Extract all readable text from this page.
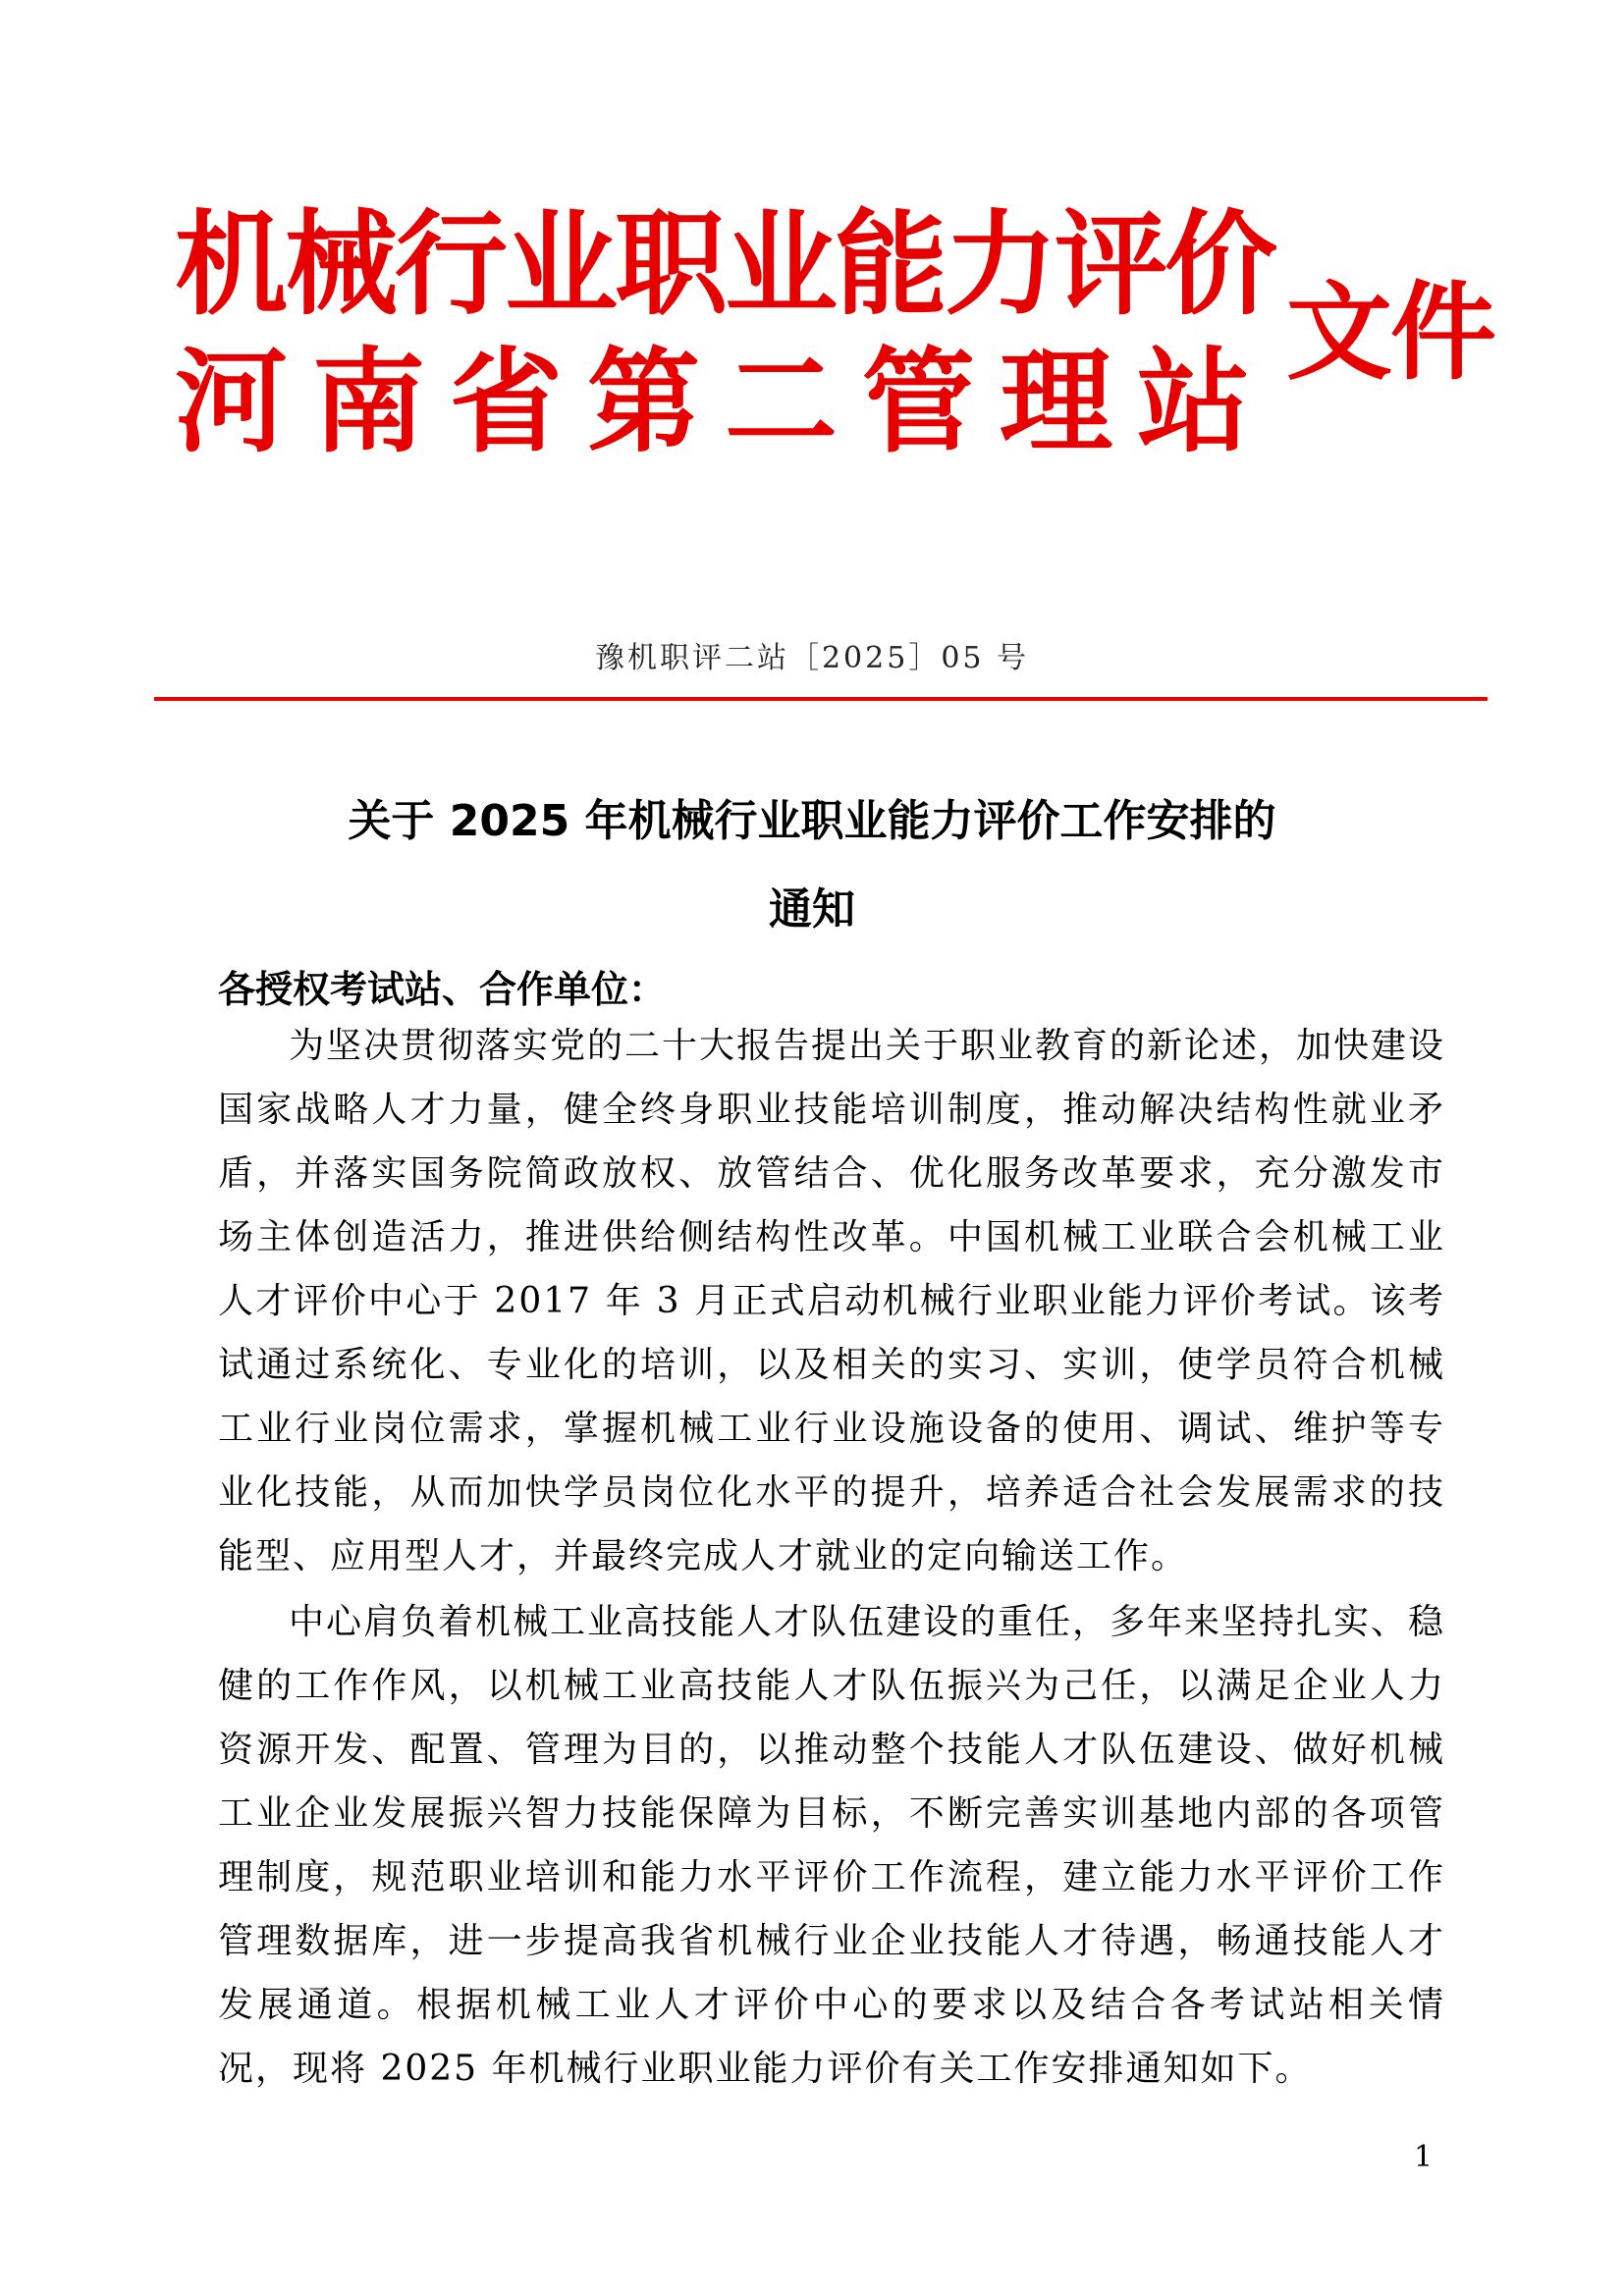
机械行业职业能力评价
河南省第二管理站
文件
豫机职评二站［2025］05 号
关于 2025 年机械行业职业能力评价工作安排的
通知
各授权考试站、合作单位：
为坚决贯彻落实党的二十大报告提出关于职业教育的新论述，加快建设国家战略人才力量，健全终身职业技能培训制度，推动解决结构性就业矛盾，并落实国务院简政放权、放管结合、优化服务改革要求，充分激发市场主体创造活力，推进供给侧结构性改革。中国机械工业联合会机械工业人才评价中心于 2017 年 3 月正式启动机械行业职业能力评价考试。该考试通过系统化、专业化的培训，以及相关的实习、实训，使学员符合机械工业行业岗位需求，掌握机械工业行业设施设备的使用、调试、维护等专业化技能，从而加快学员岗位化水平的提升，培养适合社会发展需求的技能型、应用型人才，并最终完成人才就业的定向输送工作。
中心肩负着机械工业高技能人才队伍建设的重任，多年来坚持扎实、稳健的工作作风，以机械工业高技能人才队伍振兴为己任，以满足企业人力资源开发、配置、管理为目的，以推动整个技能人才队伍建设、做好机械工业企业发展振兴智力技能保障为目标，不断完善实训基地内部的各项管理制度，规范职业培训和能力水平评价工作流程，建立能力水平评价工作管理数据库，进一步提高我省机械行业企业技能人才待遇，畅通技能人才发展通道。根据机械工业人才评价中心的要求以及结合各考试站相关情况，现将 2025 年机械行业职业能力评价有关工作安排通知如下。
1
